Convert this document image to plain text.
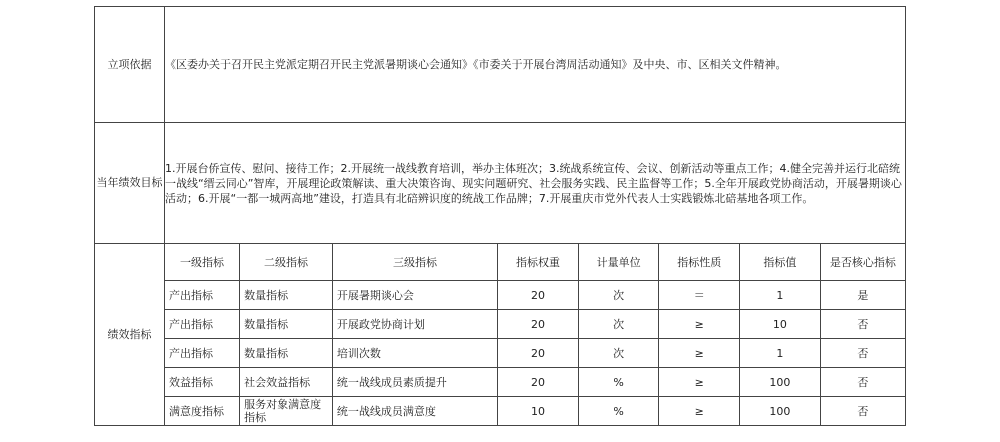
立项依据	《区委办关于召开民主党派定期召开民主党派暑期谈心会通知》《市委关于开展台湾周活动通知》及中央、市、区相关文件精神。
当年绩效目标	1.开展台侨宣传、慰问、接待工作；2.开展统一战线教育培训，举办主体班次；3.统战系统宣传、会议、创新活动等重点工作；4.健全完善并运行北碚统一战线“缙云同心”智库，开展理论政策解读、重大决策咨询、现实问题研究、社会服务实践、民主监督等工作；5.全年开展政党协商活动，开展暑期谈心活动；6.开展“一都一城两高地”建设，打造具有北碚辨识度的统战工作品牌；7.开展重庆市党外代表人士实践锻炼北碚基地各项工作。
绩效指标	
一级指标	二级指标	三级指标	指标权重	计量单位	指标性质	指标值	是否核心指标
产出指标	数量指标	开展暑期谈心会	20	次	＝	1	是
产出指标	数量指标	开展政党协商计划	20	次	≥	10	否
产出指标	数量指标	培训次数	20	次	≥	1	否
效益指标	社会效益指标	统一战线成员素质提升	20	%	≥	100	否
满意度指标	服务对象满意度指标	统一战线成员满意度	10	%	≥	100	否
